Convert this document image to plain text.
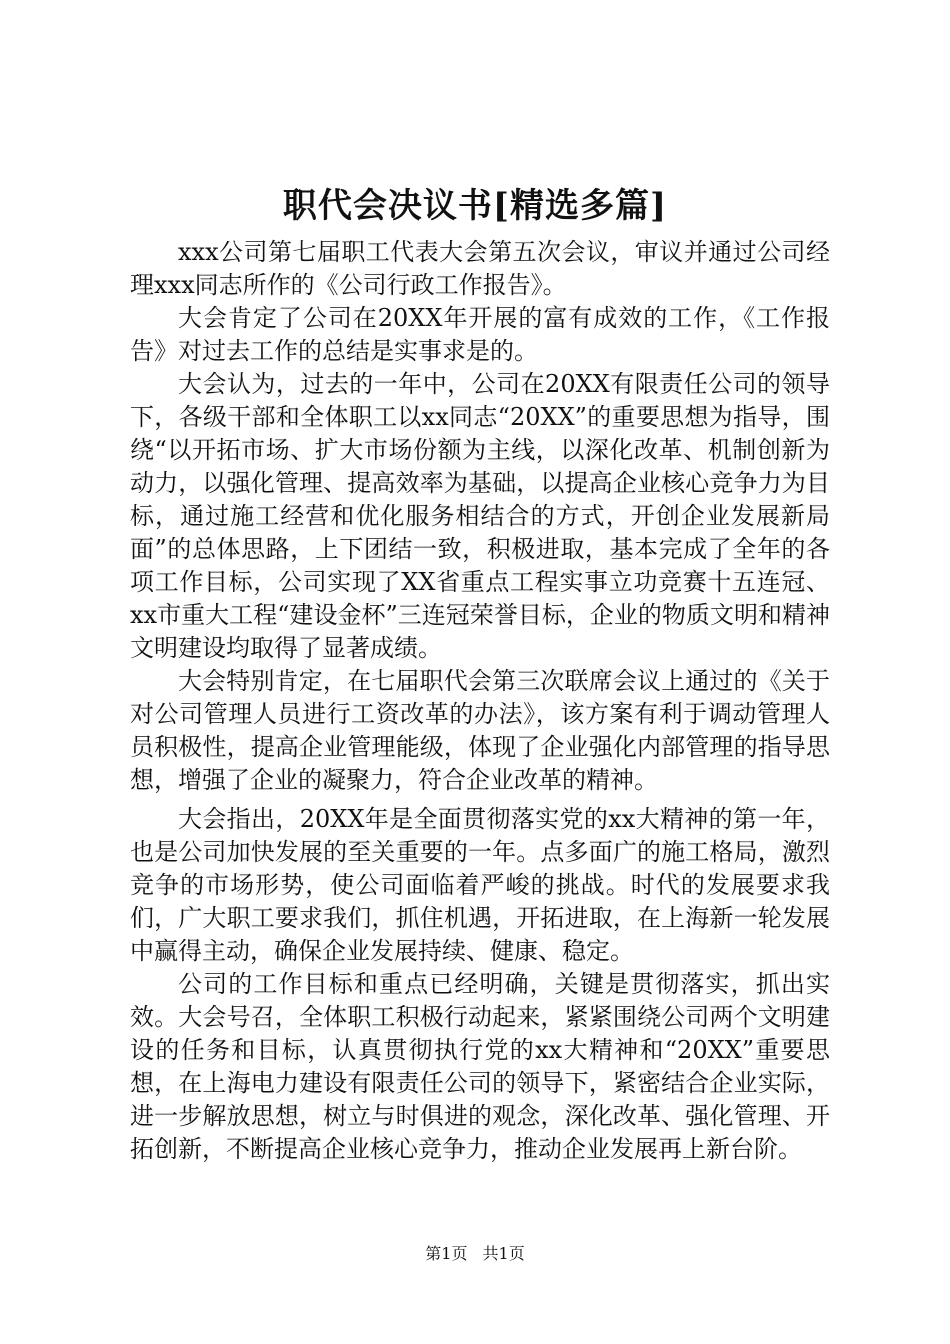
职代会决议书[精选多篇]

xxx公司第七届职工代表大会第五次会议，审议并通过公司经理xxx同志所作的《公司行政工作报告》。

大会肯定了公司在20XX年开展的富有成效的工作，《工作报告》对过去工作的总结是实事求是的。

大会认为，过去的一年中，公司在20XX有限责任公司的领导下，各级干部和全体职工以xx同志“20XX”的重要思想为指导，围绕“以开拓市场、扩大市场份额为主线，以深化改革、机制创新为动力，以强化管理、提高效率为基础，以提高企业核心竞争力为目标，通过施工经营和优化服务相结合的方式，开创企业发展新局面”的总体思路，上下团结一致，积极进取，基本完成了全年的各项工作目标，公司实现了XX省重点工程实事立功竞赛十五连冠、xx市重大工程“建设金杯”三连冠荣誉目标，企业的物质文明和精神文明建设均取得了显著成绩。

大会特别肯定，在七届职代会第三次联席会议上通过的《关于对公司管理人员进行工资改革的办法》，该方案有利于调动管理人员积极性，提高企业管理能级，体现了企业强化内部管理的指导思想，增强了企业的凝聚力，符合企业改革的精神。

大会指出，20XX年是全面贯彻落实党的xx大精神的第一年，也是公司加快发展的至关重要的一年。点多面广的施工格局，激烈竞争的市场形势，使公司面临着严峻的挑战。时代的发展要求我们，广大职工要求我们，抓住机遇，开拓进取，在上海新一轮发展中赢得主动，确保企业发展持续、健康、稳定。

公司的工作目标和重点已经明确，关键是贯彻落实，抓出实效。大会号召，全体职工积极行动起来，紧紧围绕公司两个文明建设的任务和目标，认真贯彻执行党的xx大精神和“20XX”重要思想，在上海电力建设有限责任公司的领导下，紧密结合企业实际，进一步解放思想，树立与时俱进的观念，深化改革、强化管理、开拓创新，不断提高企业核心竞争力，推动企业发展再上新台阶。

第1页 共1页
